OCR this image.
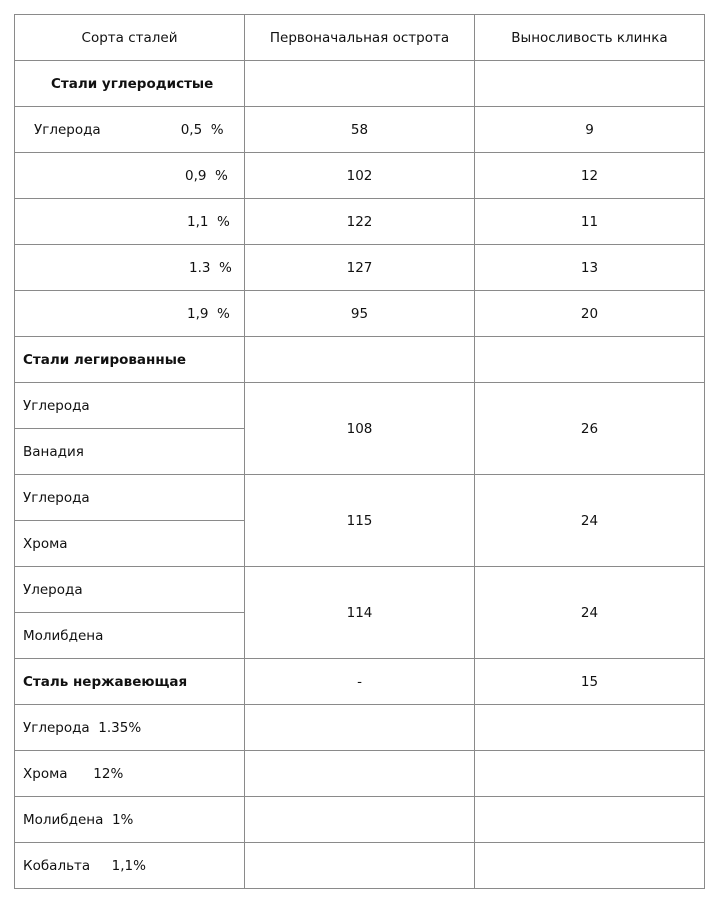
Сорта сталей	Первоначальная острота	Выносливость клинка
Стали углеродистые		
Углерода 0,5  %	58	9
0,9  %	102	12
1,1  %	122	11
1.3  %	127	13
1,9  %	95	20
Стали легированные		
Углерода	108	26
Ванадия		
Углерода	115	24
Хрома		
Улерода	114	24
Молибдена		
Сталь нержавеющая	-	15
Углерода  1.35%		
Хрома      12%		
Молибдена  1%		
Кобальта     1,1%		
